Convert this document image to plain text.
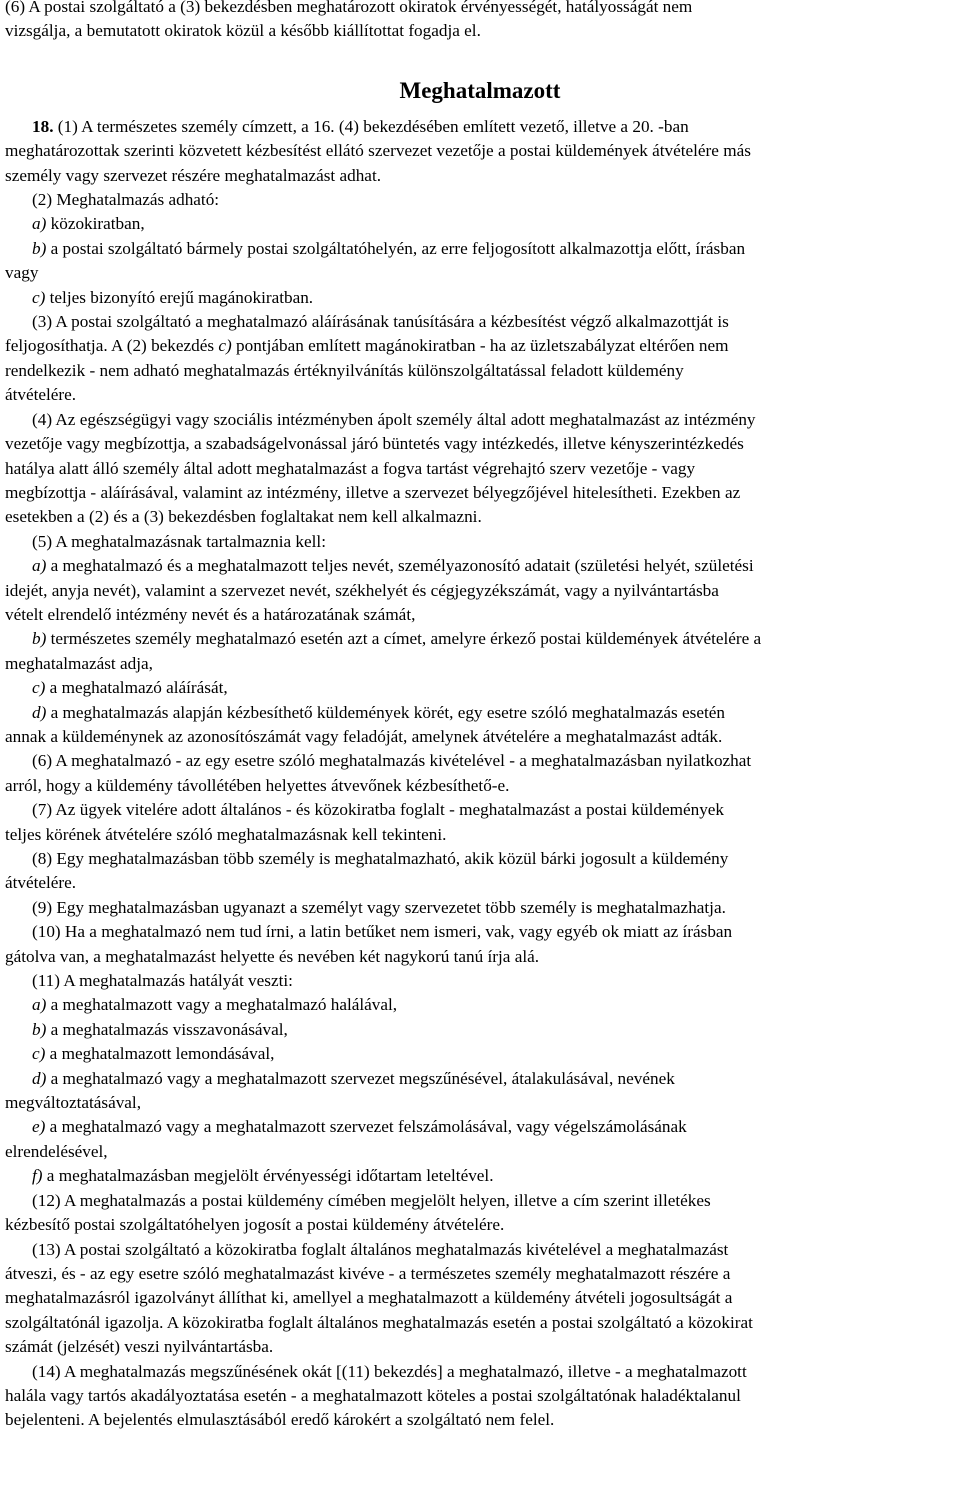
(6) A postai szolgáltató a (3) bekezdésben meghatározott okiratok érvényességét, hatályosságát nem

vizsgálja, a bemutatott okiratok közül a később kiállítottat fogadja el.

Meghatalmazott

18. (1) A természetes személy címzett, a 16. (4) bekezdésében említett vezető, illetve a 20. -ban

meghatározottak szerinti közvetett kézbesítést ellátó szervezet vezetője a postai küldemények átvételére más

személy vagy szervezet részére meghatalmazást adhat.

(2) Meghatalmazás adható:

a) közokiratban,

b) a postai szolgáltató bármely postai szolgáltatóhelyén, az erre feljogosított alkalmazottja előtt, írásban

vagy

c) teljes bizonyító erejű magánokiratban.

(3) A postai szolgáltató a meghatalmazó aláírásának tanúsítására a kézbesítést végző alkalmazottját is

feljogosíthatja. A (2) bekezdés c) pontjában említett magánokiratban - ha az üzletszabályzat eltérően nem

rendelkezik - nem adható meghatalmazás értéknyilvánítás különszolgáltatással feladott küldemény

átvételére.

(4) Az egészségügyi vagy szociális intézményben ápolt személy által adott meghatalmazást az intézmény

vezetője vagy megbízottja, a szabadságelvonással járó büntetés vagy intézkedés, illetve kényszerintézkedés

hatálya alatt álló személy által adott meghatalmazást a fogva tartást végrehajtó szerv vezetője - vagy

megbízottja - aláírásával, valamint az intézmény, illetve a szervezet bélyegzőjével hitelesítheti. Ezekben az

esetekben a (2) és a (3) bekezdésben foglaltakat nem kell alkalmazni.

(5) A meghatalmazásnak tartalmaznia kell:

a) a meghatalmazó és a meghatalmazott teljes nevét, személyazonosító adatait (születési helyét, születési

idejét, anyja nevét), valamint a szervezet nevét, székhelyét és cégjegyzékszámát, vagy a nyilvántartásba

vételt elrendelő intézmény nevét és a határozatának számát,

b) természetes személy meghatalmazó esetén azt a címet, amelyre érkező postai küldemények átvételére a

meghatalmazást adja,

c) a meghatalmazó aláírását,

d) a meghatalmazás alapján kézbesíthető küldemények körét, egy esetre szóló meghatalmazás esetén

annak a küldeménynek az azonosítószámát vagy feladóját, amelynek átvételére a meghatalmazást adták.

(6) A meghatalmazó - az egy esetre szóló meghatalmazás kivételével - a meghatalmazásban nyilatkozhat

arról, hogy a küldemény távollétében helyettes átvevőnek kézbesíthető-e.

(7) Az ügyek vitelére adott általános - és közokiratba foglalt - meghatalmazást a postai küldemények

teljes körének átvételére szóló meghatalmazásnak kell tekinteni.

(8) Egy meghatalmazásban több személy is meghatalmazható, akik közül bárki jogosult a küldemény

átvételére.

(9) Egy meghatalmazásban ugyanazt a személyt vagy szervezetet több személy is meghatalmazhatja.

(10) Ha a meghatalmazó nem tud írni, a latin betűket nem ismeri, vak, vagy egyéb ok miatt az írásban

gátolva van, a meghatalmazást helyette és nevében két nagykorú tanú írja alá.

(11) A meghatalmazás hatályát veszti:

a) a meghatalmazott vagy a meghatalmazó halálával,

b) a meghatalmazás visszavonásával,

c) a meghatalmazott lemondásával,

d) a meghatalmazó vagy a meghatalmazott szervezet megszűnésével, átalakulásával, nevének

megváltoztatásával,

e) a meghatalmazó vagy a meghatalmazott szervezet felszámolásával, vagy végelszámolásának

elrendelésével,

f) a meghatalmazásban megjelölt érvényességi időtartam leteltével.

(12) A meghatalmazás a postai küldemény címében megjelölt helyen, illetve a cím szerint illetékes

kézbesítő postai szolgáltatóhelyen jogosít a postai küldemény átvételére.

(13) A postai szolgáltató a közokiratba foglalt általános meghatalmazás kivételével a meghatalmazást

átveszi, és - az egy esetre szóló meghatalmazást kivéve - a természetes személy meghatalmazott részére a

meghatalmazásról igazolványt állíthat ki, amellyel a meghatalmazott a küldemény átvételi jogosultságát a

szolgáltatónál igazolja. A közokiratba foglalt általános meghatalmazás esetén a postai szolgáltató a közokirat

számát (jelzését) veszi nyilvántartásba.

(14) A meghatalmazás megszűnésének okát [(11) bekezdés] a meghatalmazó, illetve - a meghatalmazott

halála vagy tartós akadályoztatása esetén - a meghatalmazott köteles a postai szolgáltatónak haladéktalanul

bejelenteni. A bejelentés elmulasztásából eredő károkért a szolgáltató nem felel.
